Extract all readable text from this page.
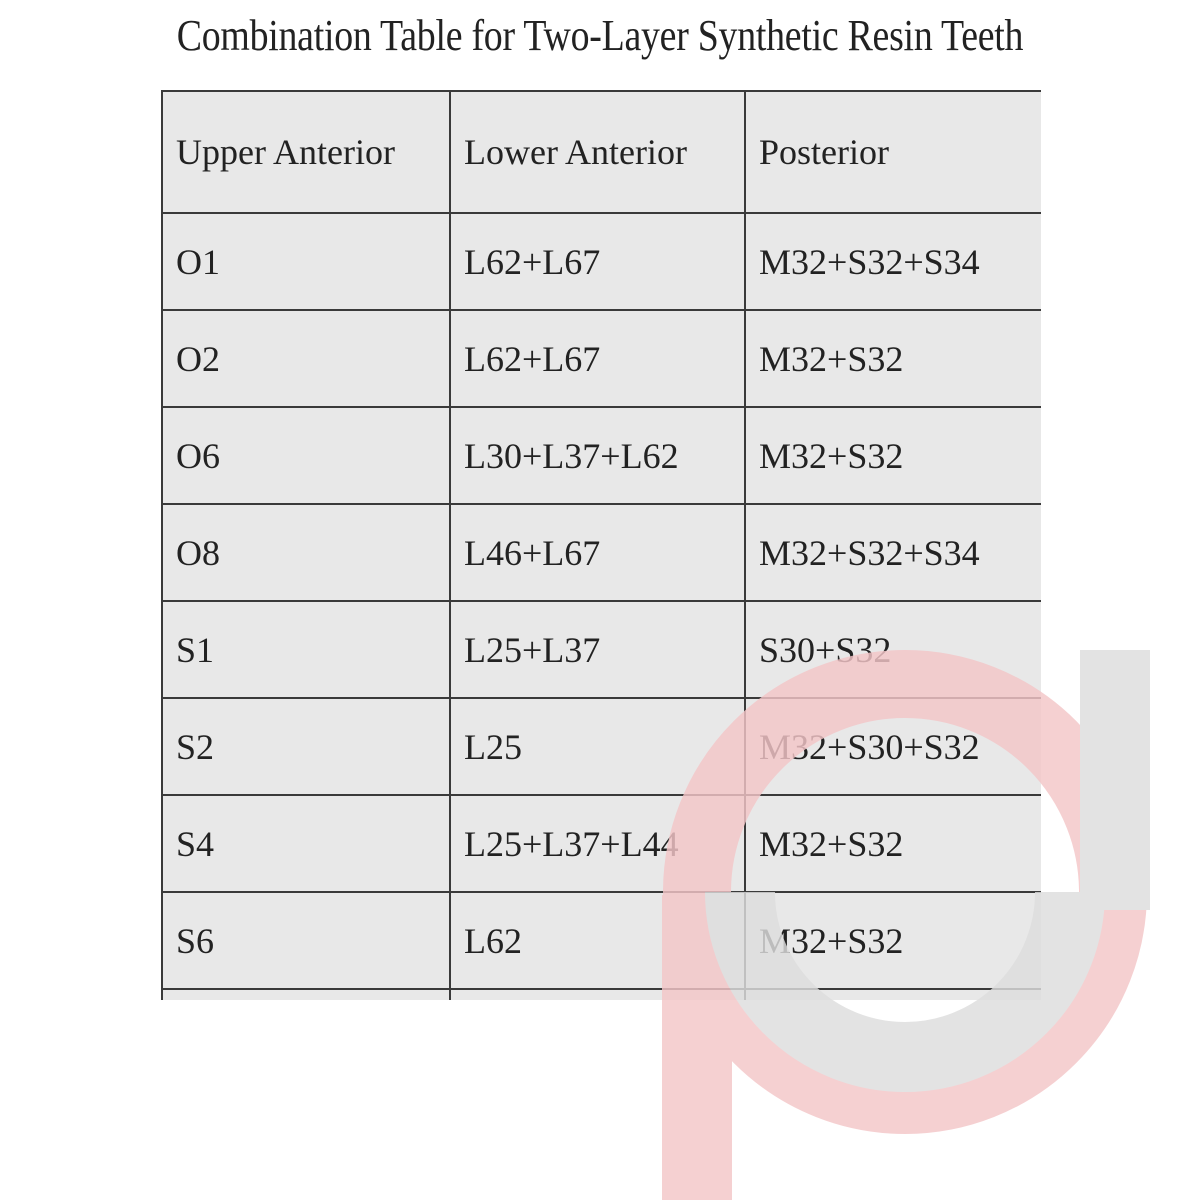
Combination Table for Two-Layer Synthetic Resin Teeth
Upper Anterior	Lower Anterior	Posterior
O1	L62+L67	M32+S32+S34
O2	L62+L67	M32+S32
O6	L30+L37+L62	M32+S32
O8	L46+L67	M32+S32+S34
S1	L25+L37	S30+S32
S2	L25	M32+S30+S32
S4	L25+L37+L44	M32+S32
S6	L62	M32+S32
